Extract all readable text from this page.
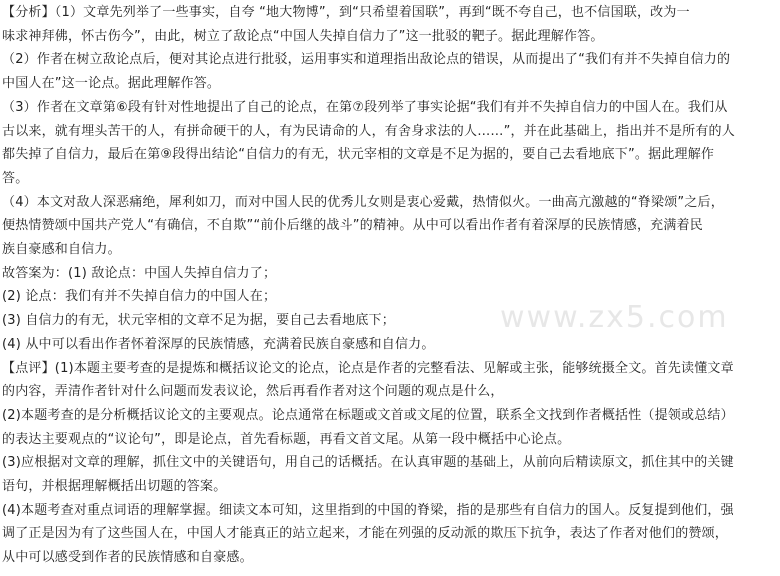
【分析】（1）文章先列举了一些事实，自夸 “地大物博”，到“只希望着国联”，再到“既不夸自己，也不信国联，改为一
味求神拜佛，怀古伤今”，由此，树立了敌论点“中国人失掉自信力了”这一批驳的靶子。据此理解作答。
（2）作者在树立敌论点后，便对其论点进行批驳，运用事实和道理指出敌论点的错误，从而提出了“我们有并不失掉自信力的
中国人在”这一论点。据此理解作答。
（3）作者在文章第⑥段有针对性地提出了自己的论点，在第⑦段列举了事实论据“我们有并不失掉自信力的中国人在。我们从
古以来，就有埋头苦干的人，有拼命硬干的人，有为民请命的人，有舍身求法的人……”，并在此基础上，指出并不是所有的人
都失掉了自信力，最后在第⑨段得出结论“自信力的有无，状元宰相的文章是不足为据的，要自己去看地底下”。据此理解作
答。
（4）本文对敌人深恶痛绝，犀利如刀，而对中国人民的优秀儿女则是衷心爱戴，热情似火。一曲高亢激越的“脊梁颂”之后，
便热情赞颂中国共产党人“有确信，不自欺”“前仆后继的战斗”的精神。从中可以看出作者有着深厚的民族情感，充满着民
族自豪感和自信力。
故答案为：(1) 敌论点：中国人失掉自信力了；
(2) 论点：我们有并不失掉自信力的中国人在；
(3) 自信力的有无，状元宰相的文章不足为据，要自己去看地底下；
(4) 从中可以看出作者怀着深厚的民族情感，充满着民族自豪感和自信力。
【点评】(1)本题主要考查的是提炼和概括议论文的论点，论点是作者的完整看法、见解或主张，能够统摄全文。首先读懂文章
的内容，弄清作者针对什么问题而发表议论，然后再看作者对这个问题的观点是什么，
(2)本题考查的是分析概括议论文的主要观点。论点通常在标题或文首或文尾的位置，联系全文找到作者概括性（提领或总结）
的表达主要观点的“议论句”，即是论点，首先看标题，再看文首文尾。从第一段中概括中心论点。
(3)应根据对文章的理解，抓住文中的关键语句，用自己的话概括。在认真审题的基础上，从前向后精读原文，抓住其中的关键
语句，并根据理解概括出切题的答案。
(4)本题考查对重点词语的理解掌握。细读文本可知，这里指到的中国的脊梁，指的是那些有自信力的国人。反复提到他们，强
调了正是因为有了这些国人在，中国人才能真正的站立起来，才能在列强的反动派的欺压下抗争，表达了作者对他们的赞颂，
从中可以感受到作者的民族情感和自豪感。
www.zx5.com
